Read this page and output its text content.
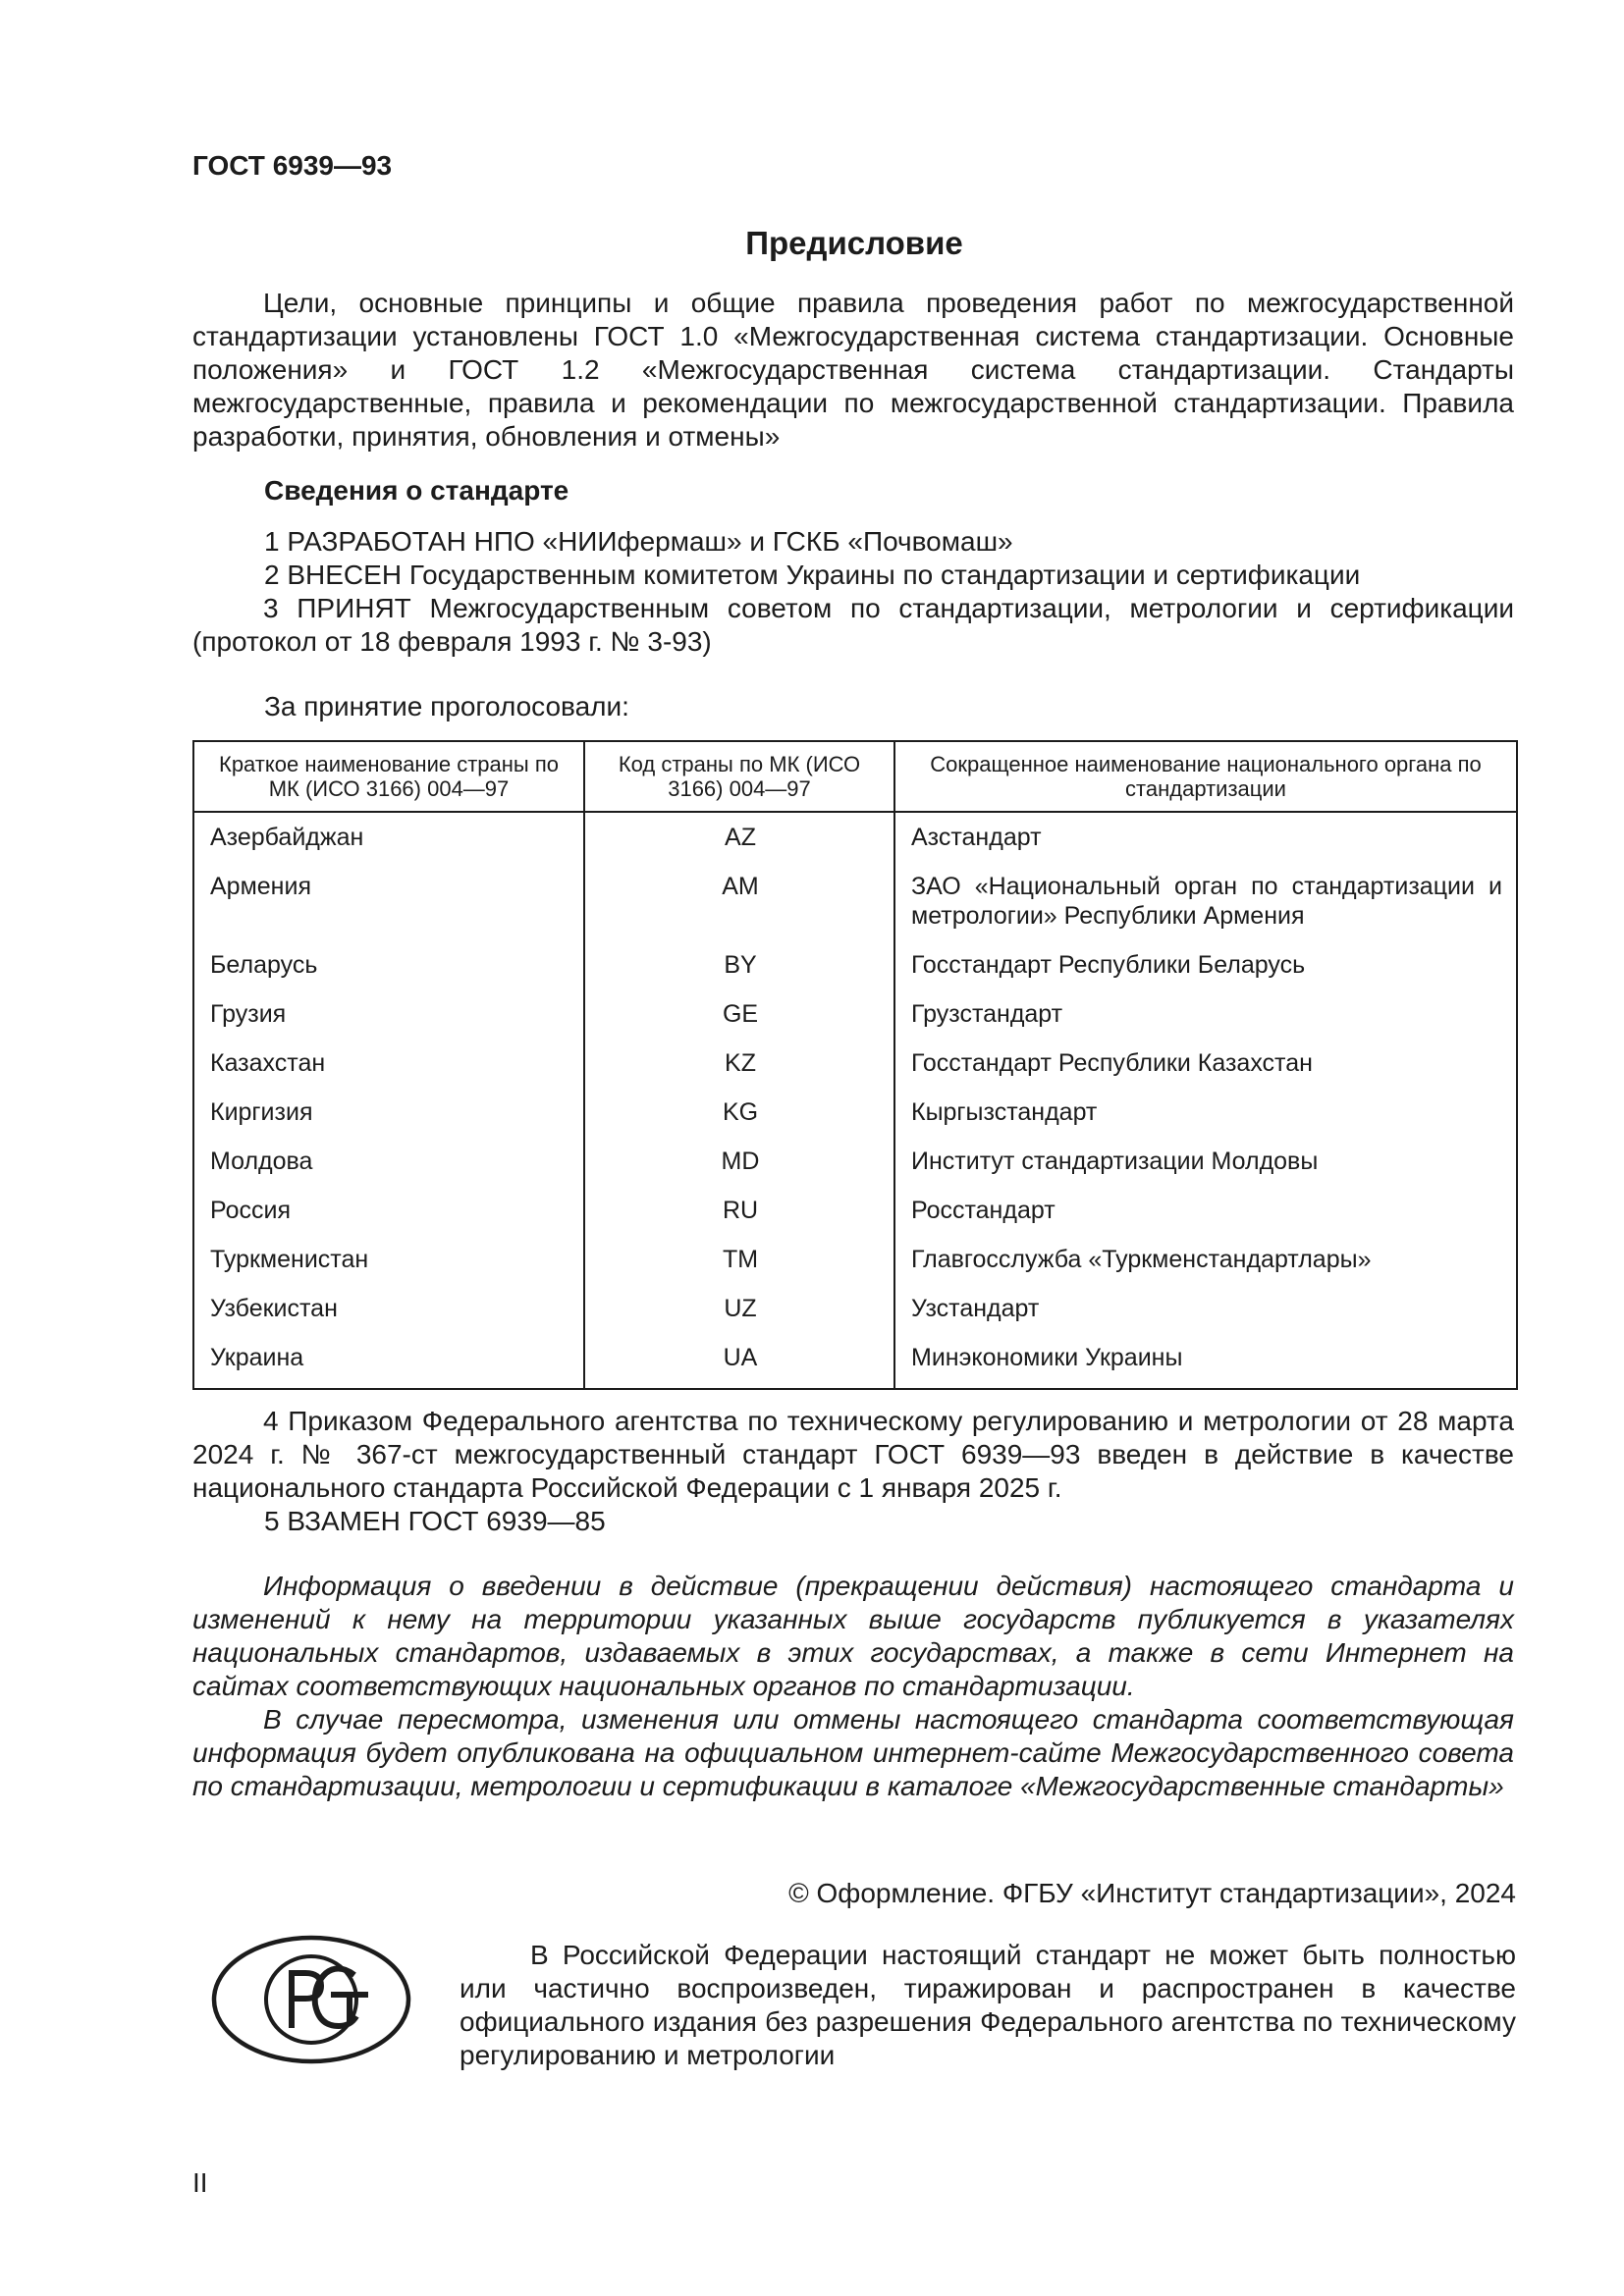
ГОСТ 6939—93

Предисловие

Цели, основные принципы и общие правила проведения работ по межгосударственной стандартизации установлены ГОСТ 1.0 «Межгосударственная система стандартизации. Основные положения» и ГОСТ 1.2 «Межгосударственная система стандартизации. Стандарты межгосударственные, правила и рекомендации по межгосударственной стандартизации. Правила разработки, принятия, обновления и отмены»

Сведения о стандарте

1 РАЗРАБОТАН НПО «НИИфермаш» и ГСКБ «Почвомаш»

2 ВНЕСЕН Государственным комитетом Украины по стандартизации и сертификации

3 ПРИНЯТ Межгосударственным советом по стандартизации, метрологии и сертификации (протокол от 18 февраля 1993 г. № 3-93)

За принятие проголосовали:

Краткое наименование страны по МК (ИСО 3166) 004—97	Код страны по МК (ИСО 3166) 004—97	Сокращенное наименование национального органа по стандартизации
Азербайджан	AZ	Азстандарт
Армения	AM	ЗАО «Национальный орган по стандартизации и метрологии» Республики Армения
Беларусь	BY	Госстандарт Республики Беларусь
Грузия	GE	Грузстандарт
Казахстан	KZ	Госстандарт Республики Казахстан
Киргизия	KG	Кыргызстандарт
Молдова	MD	Институт стандартизации Молдовы
Россия	RU	Росстандарт
Туркменистан	TM	Главгосслужба «Туркменстандартлары»
Узбекистан	UZ	Узстандарт
Украина	UA	Минэкономики Украины

4 Приказом Федерального агентства по техническому регулированию и метрологии от 28 марта 2024 г. № 367-ст межгосударственный стандарт ГОСТ 6939—93 введен в действие в качестве национального стандарта Российской Федерации с 1 января 2025 г.

5 ВЗАМЕН ГОСТ 6939—85

Информация о введении в действие (прекращении действия) настоящего стандарта и изменений к нему на территории указанных выше государств публикуется в указателях национальных стандартов, издаваемых в этих государствах, а также в сети Интернет на сайтах соответствующих национальных органов по стандартизации.

В случае пересмотра, изменения или отмены настоящего стандарта соответствующая информация будет опубликована на официальном интернет-сайте Межгосударственного совета по стандартизации, метрологии и сертификации в каталоге «Межгосударственные стандарты»

© Оформление. ФГБУ «Институт стандартизации», 2024

В Российской Федерации настоящий стандарт не может быть полностью или частично воспроизведен, тиражирован и распространен в качестве официального издания без разрешения Федерального агентства по техническому регулированию и метрологии

II
